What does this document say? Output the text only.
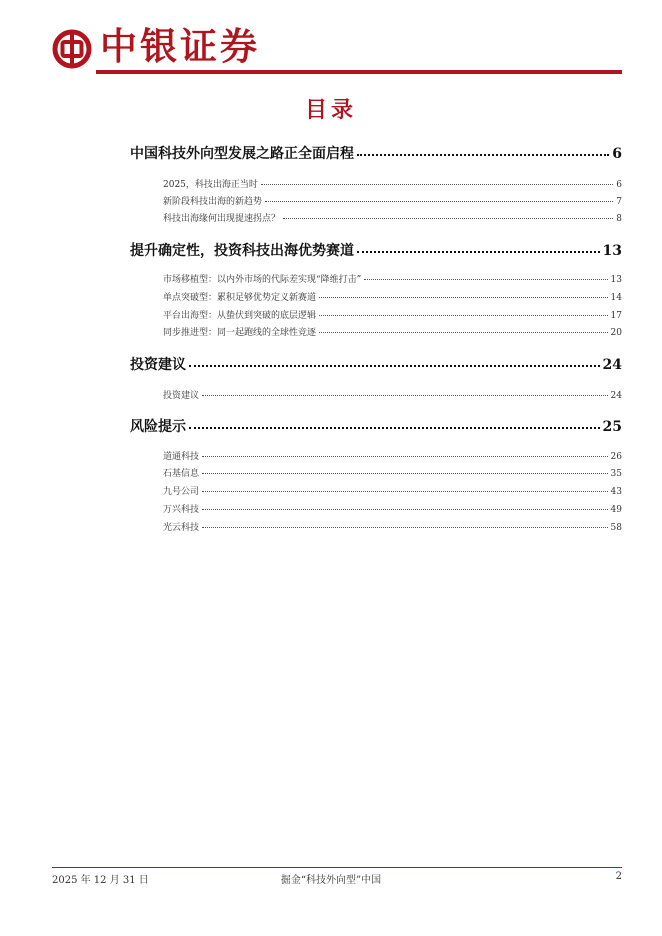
中银证券
目录
中国科技外向型发展之路正全面启程	6
2025，科技出海正当时	6
新阶段科技出海的新趋势	7
科技出海缘何出现提速拐点？	8
提升确定性，投资科技出海优势赛道	13
市场移植型：以内外市场的代际差实现“降维打击”	13
单点突破型：累积足够优势定义新赛道	14
平台出海型：从蛰伏到突破的底层逻辑	17
同步推进型：同一起跑线的全球性竞逐	20
投资建议	24
投资建议	24
风险提示	25
道通科技	26
石基信息	35
九号公司	43
万兴科技	49
光云科技	58
2025 年 12 月 31 日	掘金“科技外向型”中国	2
